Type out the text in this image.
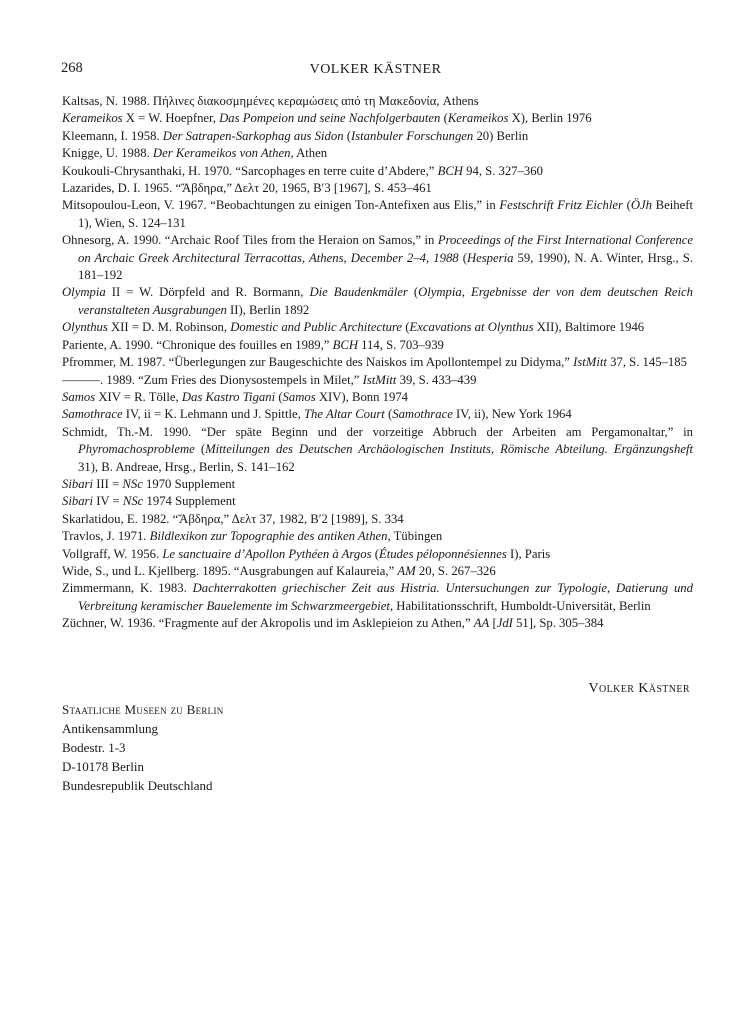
268	VOLKER KÄSTNER
Kaltsas, N. 1988. Πήλινες διακοσμημένες κεραμώσεις από τη Μακεδονία, Athens
Kerameikos X = W. Hoepfner, Das Pompeion und seine Nachfolgerbauten (Kerameikos X), Berlin 1976
Kleemann, I. 1958. Der Satrapen-Sarkophag aus Sidon (Istanbuler Forschungen 20) Berlin
Knigge, U. 1988. Der Kerameikos von Athen, Athen
Koukouli-Chrysanthaki, H. 1970. “Sarcophages en terre cuite d’Abdere,” BCH 94, S. 327–360
Lazarides, D. I. 1965. “Ἄβδηρα,” Δελτ 20, 1965, Β′3 [1967], S. 453–461
Mitsopoulou-Leon, V. 1967. “Beobachtungen zu einigen Ton-Antefixen aus Elis,” in Festschrift Fritz Eichler (ÖJh Beiheft 1), Wien, S. 124–131
Ohnesorg, A. 1990. “Archaic Roof Tiles from the Heraion on Samos,” in Proceedings of the First International Conference on Archaic Greek Architectural Terracottas, Athens, December 2–4, 1988 (Hesperia 59, 1990), N. A. Winter, Hrsg., S. 181–192
Olympia II = W. Dörpfeld and R. Bormann, Die Baudenkmäler (Olympia, Ergebnisse der von dem deutschen Reich veranstalteten Ausgrabungen II), Berlin 1892
Olynthus XII = D. M. Robinson, Domestic and Public Architecture (Excavations at Olynthus XII), Baltimore 1946
Pariente, A. 1990. “Chronique des fouilles en 1989,” BCH 114, S. 703–939
Pfrommer, M. 1987. “Überlegungen zur Baugeschichte des Naiskos im Apollontempel zu Didyma,” IstMitt 37, S. 145–185
———. 1989. “Zum Fries des Dionysostempels in Milet,” IstMitt 39, S. 433–439
Samos XIV = R. Tölle, Das Kastro Tigani (Samos XIV), Bonn 1974
Samothrace IV, ii = K. Lehmann und J. Spittle, The Altar Court (Samothrace IV, ii), New York 1964
Schmidt, Th.-M. 1990. “Der späte Beginn und der vorzeitige Abbruch der Arbeiten am Pergamonaltar,” in Phyromachosprobleme (Mitteilungen des Deutschen Archäologischen Instituts, Römische Abteilung. Ergänzungsheft 31), B. Andreae, Hrsg., Berlin, S. 141–162
Sibari III = NSc 1970 Supplement
Sibari IV = NSc 1974 Supplement
Skarlatidou, E. 1982. “Ἄβδηρα,” Δελτ 37, 1982, Β′2 [1989], S. 334
Travlos, J. 1971. Bildlexikon zur Topographie des antiken Athen, Tübingen
Vollgraff, W. 1956. Le sanctuaire d’Apollon Pythéen à Argos (Études péloponnésiennes I), Paris
Wide, S., und L. Kjellberg. 1895. “Ausgrabungen auf Kalaureia,” AM 20, S. 267–326
Zimmermann, K. 1983. Dachterrakotten griechischer Zeit aus Histria. Untersuchungen zur Typologie, Datierung und Verbreitung keramischer Bauelemente im Schwarzmeergebiet, Habilitationsschrift, Humboldt-Universität, Berlin
Züchner, W. 1936. “Fragmente auf der Akropolis und im Asklepieion zu Athen,” AA [JdI 51], Sp. 305–384
Volker Kästner
Staatliche Museen zu Berlin
Antikensammlung
Bodestr. 1-3
D-10178 Berlin
Bundesrepublik Deutschland
